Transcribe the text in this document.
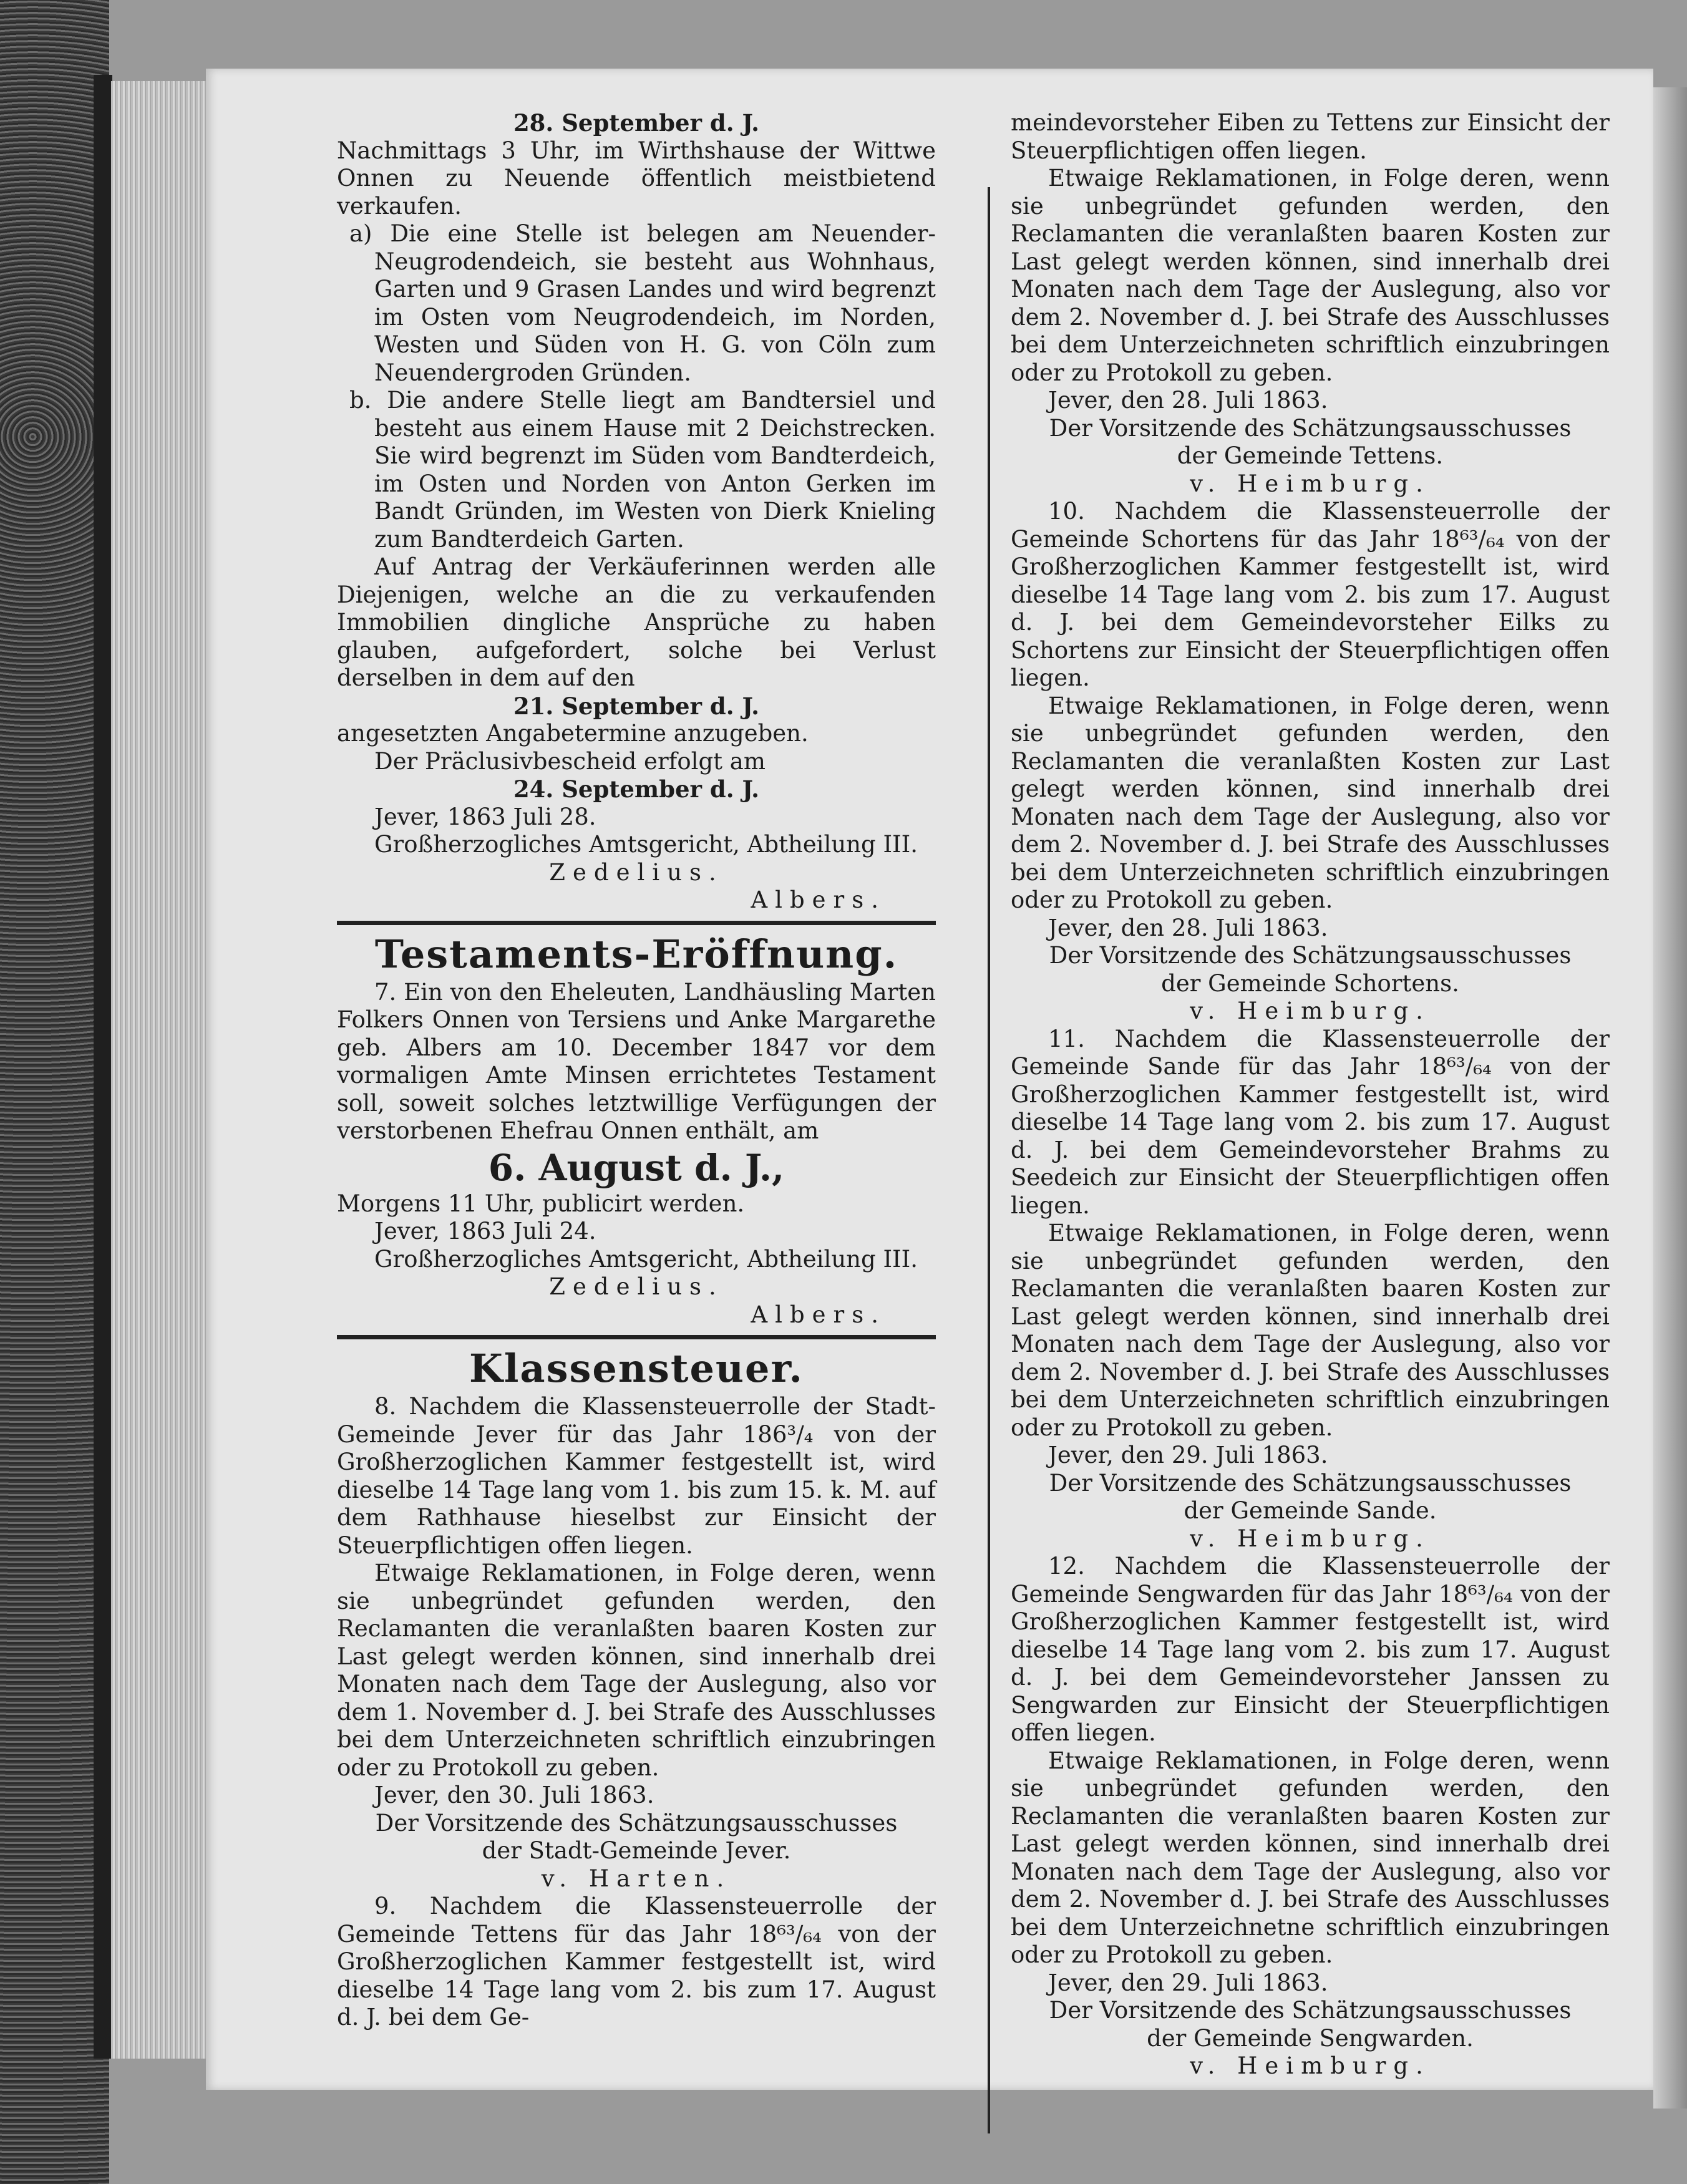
28. September d. J.

Nachmittags 3 Uhr, im Wirthshause der Wittwe Onnen zu Neuende öffentlich meistbietend verkaufen.

a) Die eine Stelle ist belegen am Neuender-Neugrodendeich, sie besteht aus Wohnhaus, Garten und 9 Grasen Landes und wird begrenzt im Osten vom Neugrodendeich, im Norden, Westen und Süden von H. G. von Cöln zum Neuendergroden Gründen.

b. Die andere Stelle liegt am Bandtersiel und besteht aus einem Hause mit 2 Deichstrecken. Sie wird begrenzt im Süden vom Bandterdeich, im Osten und Norden von Anton Gerken im Bandt Gründen, im Westen von Dierk Knieling zum Bandterdeich Garten.

Auf Antrag der Verkäuferinnen werden alle Diejenigen, welche an die zu verkaufenden Immobilien dingliche Ansprüche zu haben glauben, aufgefordert, solche bei Verlust derselben in dem auf den

21. September d. J.

angesetzten Angabetermine anzugeben.

Der Präclusivbescheid erfolgt am

24. September d. J.

Jever, 1863 Juli 28.

Großherzogliches Amtsgericht, Abtheilung III.

Zedelius.

Albers.

Testaments-Eröffnung.

7. Ein von den Eheleuten, Landhäusling Marten Folkers Onnen von Tersiens und Anke Margarethe geb. Albers am 10. December 1847 vor dem vormaligen Amte Minsen errichtetes Testament soll, soweit solches letztwillige Verfügungen der verstorbenen Ehefrau Onnen enthält, am

6. August d. J.,

Morgens 11 Uhr, publicirt werden.

Jever, 1863 Juli 24.

Großherzogliches Amtsgericht, Abtheilung III.

Zedelius.

Albers.

Klassensteuer.

8. Nachdem die Klassensteuerrolle der Stadt-Gemeinde Jever für das Jahr 186³/₄ von der Großherzoglichen Kammer festgestellt ist, wird dieselbe 14 Tage lang vom 1. bis zum 15. k. M. auf dem Rathhause hieselbst zur Einsicht der Steuerpflichtigen offen liegen.

Etwaige Reklamationen, in Folge deren, wenn sie unbegründet gefunden werden, den Reclamanten die veranlaßten baaren Kosten zur Last gelegt werden können, sind innerhalb drei Monaten nach dem Tage der Auslegung, also vor dem 1. November d. J. bei Strafe des Ausschlusses bei dem Unterzeichneten schriftlich einzubringen oder zu Protokoll zu geben.

Jever, den 30. Juli 1863.

Der Vorsitzende des Schätzungsausschusses

der Stadt-Gemeinde Jever.

v. Harten.

9. Nachdem die Klassensteuerrolle der Gemeinde Tettens für das Jahr 18⁶³/₆₄ von der Großherzoglichen Kammer festgestellt ist, wird dieselbe 14 Tage lang vom 2. bis zum 17. August d. J. bei dem Ge-

meindevorsteher Eiben zu Tettens zur Einsicht der Steuerpflichtigen offen liegen.

Etwaige Reklamationen, in Folge deren, wenn sie unbegründet gefunden werden, den Reclamanten die veranlaßten baaren Kosten zur Last gelegt werden können, sind innerhalb drei Monaten nach dem Tage der Auslegung, also vor dem 2. November d. J. bei Strafe des Ausschlusses bei dem Unterzeichneten schriftlich einzubringen oder zu Protokoll zu geben.

Jever, den 28. Juli 1863.

Der Vorsitzende des Schätzungsausschusses

der Gemeinde Tettens.

v. Heimburg.

10. Nachdem die Klassensteuerrolle der Gemeinde Schortens für das Jahr 18⁶³/₆₄ von der Großherzoglichen Kammer festgestellt ist, wird dieselbe 14 Tage lang vom 2. bis zum 17. August d. J. bei dem Gemeindevorsteher Eilks zu Schortens zur Einsicht der Steuerpflichtigen offen liegen.

Etwaige Reklamationen, in Folge deren, wenn sie unbegründet gefunden werden, den Reclamanten die veranlaßten Kosten zur Last gelegt werden können, sind innerhalb drei Monaten nach dem Tage der Auslegung, also vor dem 2. November d. J. bei Strafe des Ausschlusses bei dem Unterzeichneten schriftlich einzubringen oder zu Protokoll zu geben.

Jever, den 28. Juli 1863.

Der Vorsitzende des Schätzungsausschusses

der Gemeinde Schortens.

v. Heimburg.

11. Nachdem die Klassensteuerrolle der Gemeinde Sande für das Jahr 18⁶³/₆₄ von der Großherzoglichen Kammer festgestellt ist, wird dieselbe 14 Tage lang vom 2. bis zum 17. August d. J. bei dem Gemeindevorsteher Brahms zu Seedeich zur Einsicht der Steuerpflichtigen offen liegen.

Etwaige Reklamationen, in Folge deren, wenn sie unbegründet gefunden werden, den Reclamanten die veranlaßten baaren Kosten zur Last gelegt werden können, sind innerhalb drei Monaten nach dem Tage der Auslegung, also vor dem 2. November d. J. bei Strafe des Ausschlusses bei dem Unterzeichneten schriftlich einzubringen oder zu Protokoll zu geben.

Jever, den 29. Juli 1863.

Der Vorsitzende des Schätzungsausschusses

der Gemeinde Sande.

v. Heimburg.

12. Nachdem die Klassensteuerrolle der Gemeinde Sengwarden für das Jahr 18⁶³/₆₄ von der Großherzoglichen Kammer festgestellt ist, wird dieselbe 14 Tage lang vom 2. bis zum 17. August d. J. bei dem Gemeindevorsteher Janssen zu Sengwarden zur Einsicht der Steuerpflichtigen offen liegen.

Etwaige Reklamationen, in Folge deren, wenn sie unbegründet gefunden werden, den Reclamanten die veranlaßten baaren Kosten zur Last gelegt werden können, sind innerhalb drei Monaten nach dem Tage der Auslegung, also vor dem 2. November d. J. bei Strafe des Ausschlusses bei dem Unterzeichnetne schriftlich einzubringen oder zu Protokoll zu geben.

Jever, den 29. Juli 1863.

Der Vorsitzende des Schätzungsausschusses

der Gemeinde Sengwarden.

v. Heimburg.
